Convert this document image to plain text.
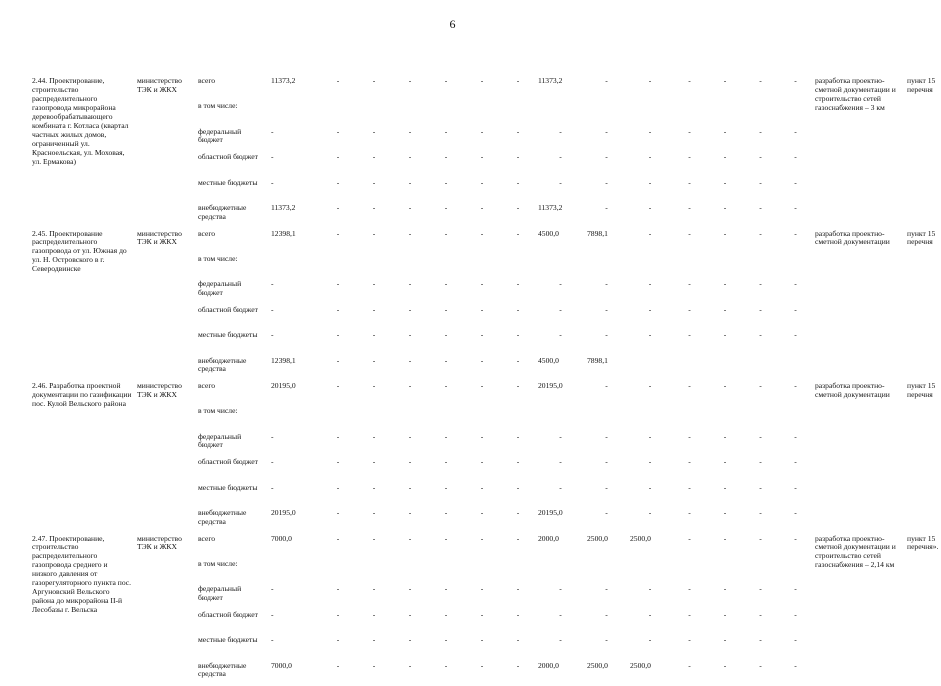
6
2.44. Проектирование, строительство распределительного газопровода микрорайона деревообрабатывающего комбината г. Котласа (квартал частных жилых домов, ограниченный ул. Красноельская, ул. Моховая, ул. Ермакова)	министерство ТЭК и ЖКХ	всего	11373,2	-	-	-	-	-	-	11373,2	-	-	-	-	-	-	разработка проектно-сметной документации и строительство сетей газоснабжения – 3 км	пункт 15 перечня
		в том числе:																
		федеральный бюджет	-	-	-	-	-	-	-	-	-	-	-	-	-	-		
		областной бюджет	-	-	-	-	-	-	-	-	-	-	-	-	-	-		
		местные бюджеты	-	-	-	-	-	-	-	-	-	-	-	-	-	-		
		внебюджетные средства	11373,2	-	-	-	-	-	-	11373,2	-	-	-	-	-	-		
2.45. Проектирование распределительного газопровода от ул. Южная до ул. Н. Островского в г. Северодвинске	министерство ТЭК и ЖКХ	всего	12398,1	-	-	-	-	-	-	4500,0	7898,1	-	-	-	-	-	разработка проектно-сметной документации	пункт 15 перечня
		в том числе:																
		федеральный бюджет	-	-	-	-	-	-	-	-	-	-	-	-	-	-		
		областной бюджет	-	-	-	-	-	-	-	-	-	-	-	-	-	-		
		местные бюджеты	-	-	-	-	-	-	-	-	-	-	-	-	-	-		
		внебюджетные средства	12398,1	-	-	-	-	-	-	4500,0	7898,1							
2.46. Разработка проектной документации по газификации пос. Кулой Вельского района	министерство ТЭК и ЖКХ	всего	20195,0	-	-	-	-	-	-	20195,0	-	-	-	-	-	-	разработка проектно-сметной документации	пункт 15 перечня
		в том числе:																
		федеральный бюджет	-	-	-	-	-	-	-	-	-	-	-	-	-	-		
		областной бюджет	-	-	-	-	-	-	-	-	-	-	-	-	-	-		
		местные бюджеты	-	-	-	-	-	-	-	-	-	-	-	-	-	-		
		внебюджетные средства	20195,0	-	-	-	-	-	-	20195,0	-	-	-	-	-	-		
2.47. Проектирование, строительство распределительного газопровода среднего и низкого давления от газорегуляторного пункта пос. Аргуновский Вельского района до микрорайона II-й Лесобазы г. Вельска	министерство ТЭК и ЖКХ	всего	7000,0	-	-	-	-	-	-	2000,0	2500,0	2500,0	-	-	-	-	разработка проектно-сметной документации и строительство сетей газоснабжения – 2,14 км	пункт 15 перечня».
		в том числе:																
		федеральный бюджет	-	-	-	-	-	-	-	-	-	-	-	-	-	-		
		областной бюджет	-	-	-	-	-	-	-	-	-	-	-	-	-	-		
		местные бюджеты	-	-	-	-	-	-	-	-	-	-	-	-	-	-		
		внебюджетные средства	7000,0	-	-	-	-	-	-	2000,0	2500,0	2500,0	-	-	-	-		
